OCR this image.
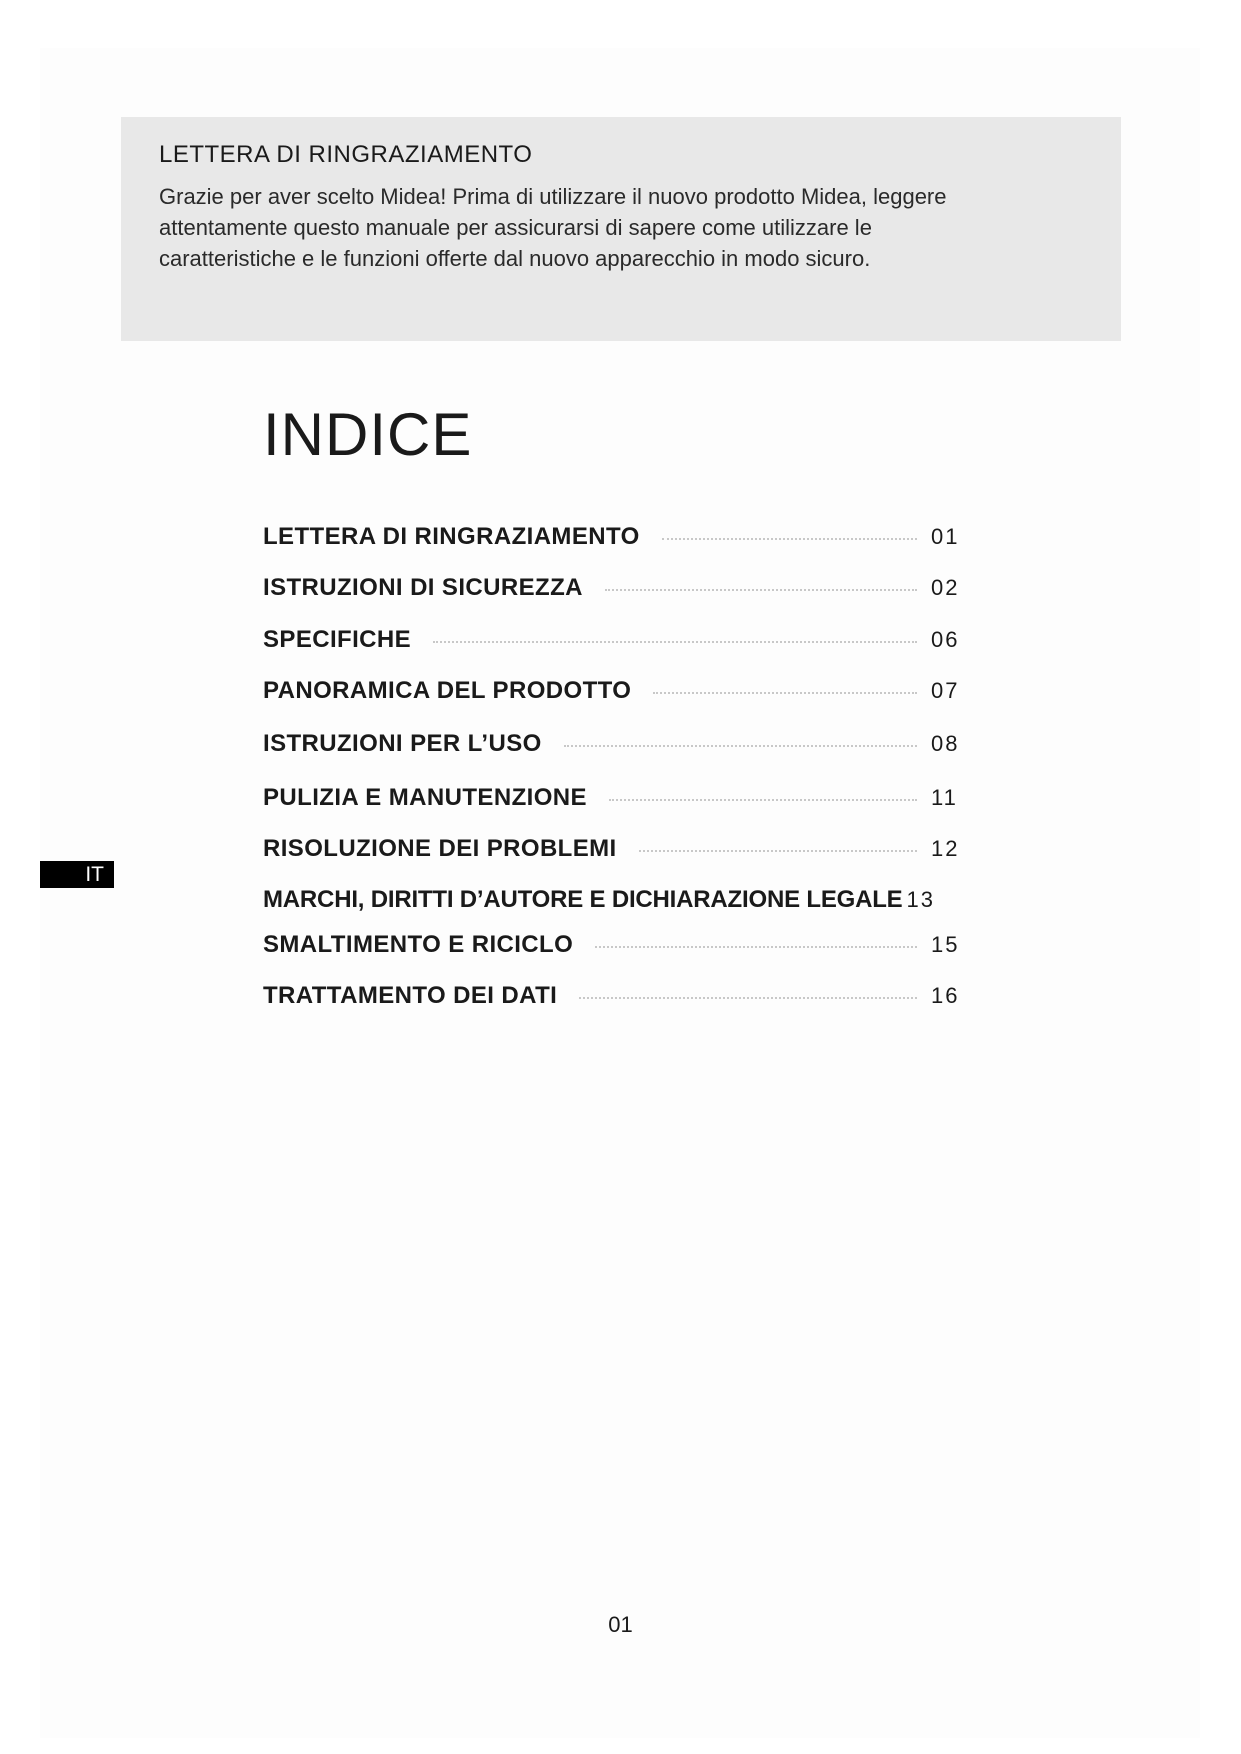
LETTERA DI RINGRAZIAMENTO

Grazie per aver scelto Midea! Prima di utilizzare il nuovo prodotto Midea, leggere
attentamente questo manuale per assicurarsi di sapere come utilizzare le
caratteristiche e le funzioni offerte dal nuovo apparecchio in modo sicuro.

INDICE
LETTERA DI RINGRAZIAMENTO	01
ISTRUZIONI DI SICUREZZA	02
SPECIFICHE	06
PANORAMICA DEL PRODOTTO	07
ISTRUZIONI PER L’USO	08
PULIZIA E MANUTENZIONE	11
RISOLUZIONE DEI PROBLEMI	12
MARCHI, DIRITTI D’AUTORE E DICHIARAZIONE LEGALE 13
SMALTIMENTO E RICICLO	15
TRATTAMENTO DEI DATI	16
IT
01
